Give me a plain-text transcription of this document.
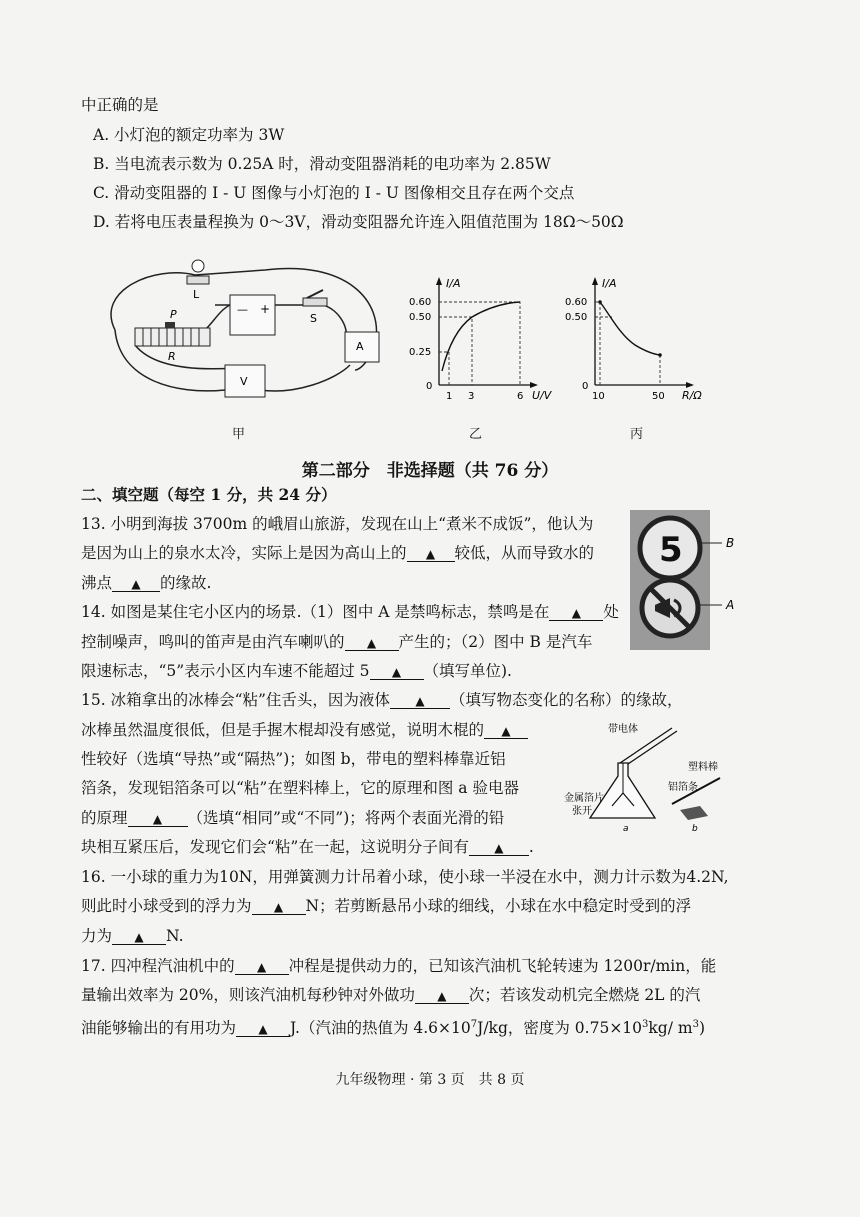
中正确的是
A. 小灯泡的额定功率为 3W
B. 当电流表示数为 0.25A 时，滑动变阻器消耗的电功率为 2.85W
C. 滑动变阻器的 I - U 图像与小灯泡的 I - U 图像相交且存在两个交点
D. 若将电压表量程换为 0～3V，滑动变阻器允许连入阻值范围为 18Ω～50Ω
L
— +
S
P
R
A
V
甲
I/A
U/V
0
0.60
0.50
0.25
1 3	6
乙
I/A
R/Ω
0
0.60
0.50
10	50
丙
第二部分　非选择题（共 76 分）
二、填空题（每空 1 分，共 24 分）
13. 小明到海拔 3700m 的峨眉山旅游，发现在山上“煮米不成饭”，他认为
是因为山上的泉水太冷，实际上是因为高山上的 ▲ 较低，从而导致水的
沸点 ▲ 的缘故.
5	B
A
14. 如图是某住宅小区内的场景.（1）图中 A 是禁鸣标志，禁鸣是在 ▲ 处
控制噪声，鸣叫的笛声是由汽车喇叭的 ▲ 产生的；（2）图中 B 是汽车
限速标志，“5”表示小区内车速不能超过 5 ▲ （填写单位).
15. 冰箱拿出的冰棒会“粘”住舌头，因为液体 ▲ （填写物态变化的名称）的缘故，
冰棒虽然温度很低，但是手握木棍却没有感觉，说明木棍的 ▲
性较好（选填“导热”或“隔热”)；如图 b，带电的塑料棒靠近铝
箔条，发现铝箔条可以“粘”在塑料棒上，它的原理和图 a 验电器
的原理 ▲ （选填“相同”或“不同”)；将两个表面光滑的铅
块相互紧压后，发现它们会“粘”在一起，这说明分子间有 ▲ .
带电体
金属箔片
张开
a
塑料棒
铝箔条
b
16. 一小球的重力为10N，用弹簧测力计吊着小球，使小球一半浸在水中，测力计示数为4.2N,
则此时小球受到的浮力为 ▲ N；若剪断悬吊小球的细线，小球在水中稳定时受到的浮
力为 ▲ N.
17. 四冲程汽油机中的 ▲ 冲程是提供动力的，已知该汽油机飞轮转速为 1200r/min，能
量输出效率为 20%，则该汽油机每秒钟对外做功 ▲ 次；若该发动机完全燃烧 2L 的汽
油能够输出的有用功为 ▲ J.（汽油的热值为 $4.6\times 10^7J/kg$，密度为 $0.75\times 10^3kg/$ $m^3$)
九年级物理 · 第 3 页　共 8 页
